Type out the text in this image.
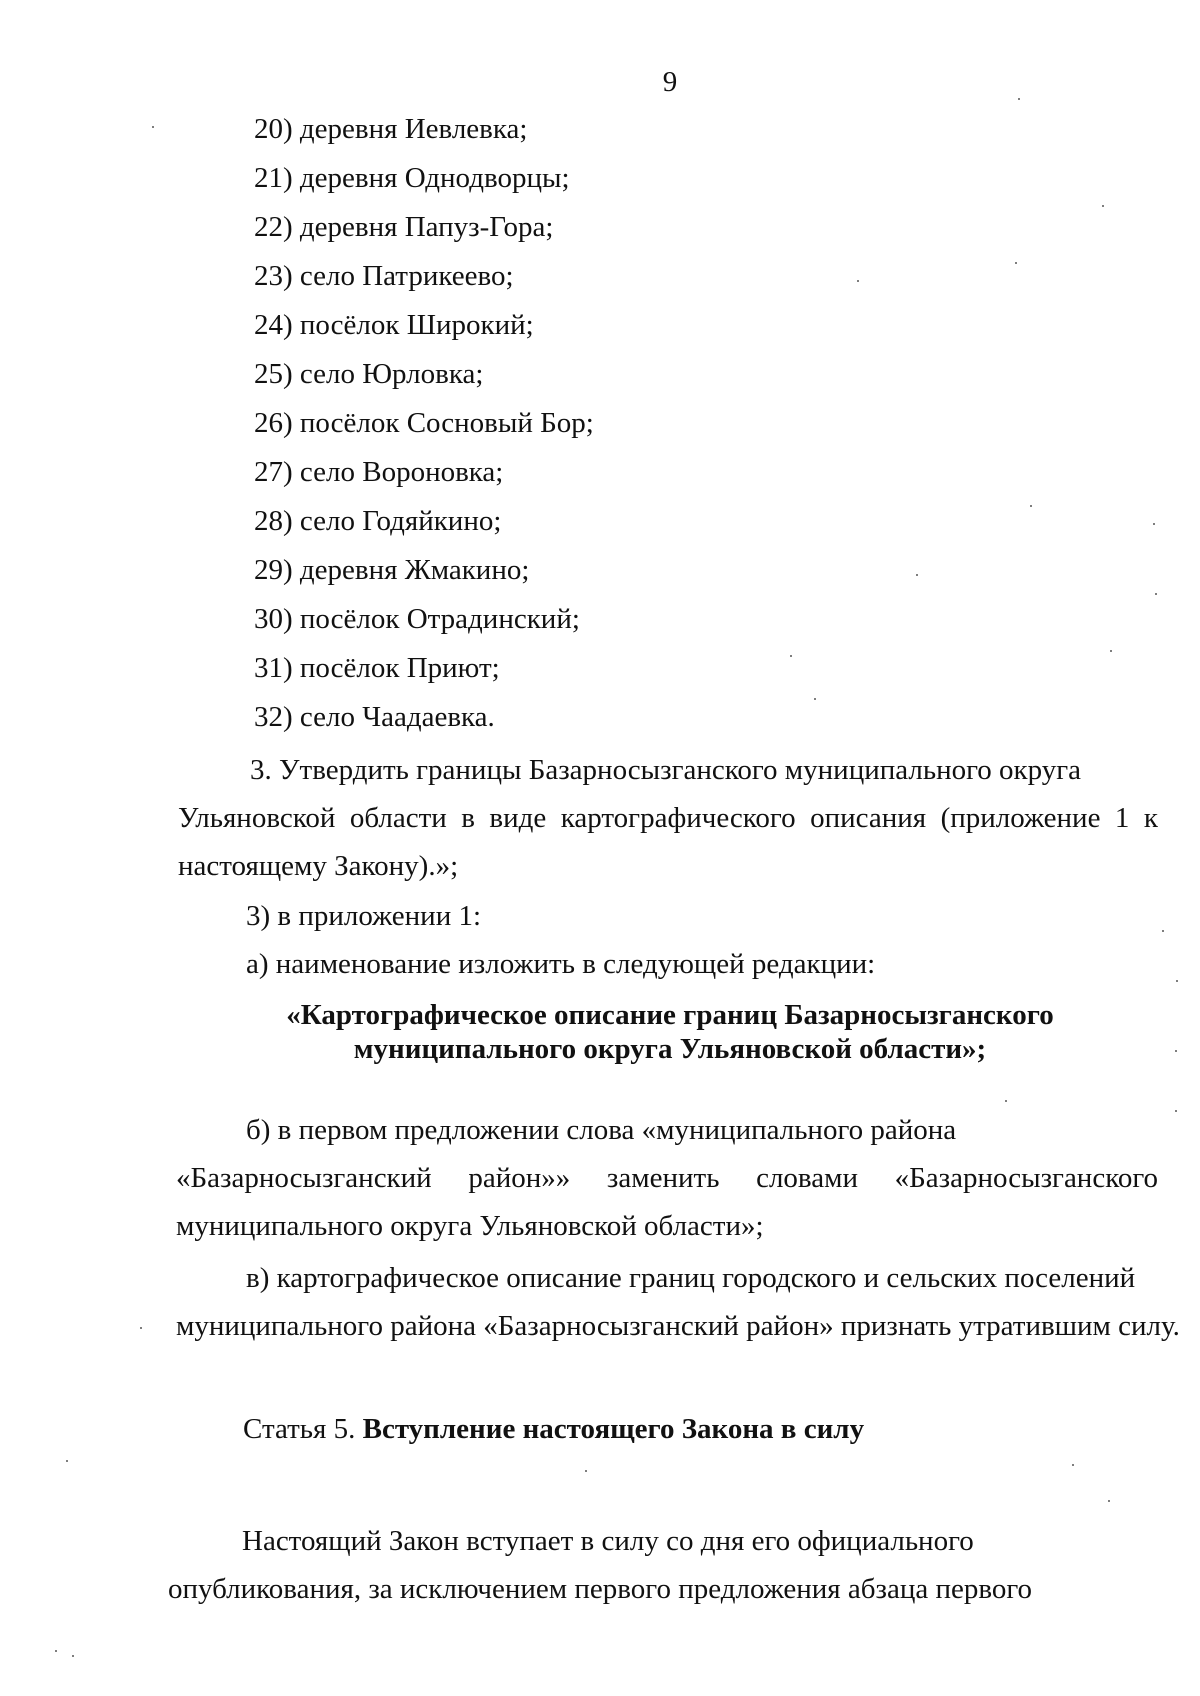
9
20) деревня Иевлевка;
21) деревня Однодворцы;
22) деревня Папуз-Гора;
23) село Патрикеево;
24) посёлок Широкий;
25) село Юрловка;
26) посёлок Сосновый Бор;
27) село Вороновка;
28) село Годяйкино;
29) деревня Жмакино;
30) посёлок Отрадинский;
31) посёлок Приют;
32) село Чаадаевка.

3. Утвердить границы Базарносызганского муниципального округа

Ульяновской области в виде картографического описания (приложение 1 к настоящему Закону).»;

3) в приложении 1:

а) наименование изложить в следующей редакции:

«Картографическое описание границ Базарносызганского

муниципального округа Ульяновской области»;

б) в первом предложении слова «муниципального района

«Базарносызганский район»» заменить словами «Базарносызганского муниципального округа Ульяновской области»;

в) картографическое описание границ городского и сельских поселений

муниципального района «Базарносызганский район» признать утратившим силу.

Статья 5. Вступление настоящего Закона в силу

Настоящий Закон вступает в силу со дня его официального

опубликования, за исключением первого предложения абзаца первого
